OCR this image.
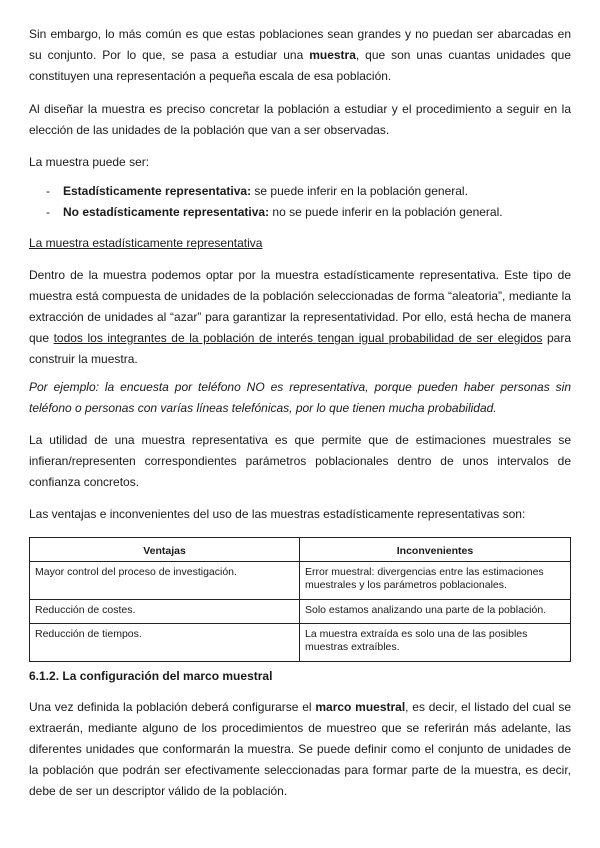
Sin embargo, lo más común es que estas poblaciones sean grandes y no puedan ser abarcadas en su conjunto. Por lo que, se pasa a estudiar una muestra, que son unas cuantas unidades que constituyen una representación a pequeña escala de esa población.

Al diseñar la muestra es preciso concretar la población a estudiar y el procedimiento a seguir en la elección de las unidades de la población que van a ser observadas.

La muestra puede ser:

- Estadísticamente representativa: se puede inferir en la población general.
- No estadísticamente representativa: no se puede inferir en la población general.
La muestra estadísticamente representativa

Dentro de la muestra podemos optar por la muestra estadísticamente representativa. Este tipo de muestra está compuesta de unidades de la población seleccionadas de forma “aleatoria”, mediante la extracción de unidades al “azar” para garantizar la representatividad. Por ello, está hecha de manera que todos los integrantes de la población de interés tengan igual probabilidad de ser elegidos para construir la muestra.

Por ejemplo: la encuesta por teléfono NO es representativa, porque pueden haber personas sin teléfono o personas con varías líneas telefónicas, por lo que tienen mucha probabilidad.

La utilidad de una muestra representativa es que permite que de estimaciones muestrales se infieran/representen correspondientes parámetros poblacionales dentro de unos intervalos de confianza concretos.

Las ventajas e inconvenientes del uso de las muestras estadísticamente representativas son:

Ventajas	Inconvenientes
Mayor control del proceso de investigación.	Error muestral: divergencias entre las estimaciones muestrales y los parámetros poblacionales.
Reducción de costes.	Solo estamos analizando una parte de la población.
Reducción de tiempos.	La muestra extraída es solo una de las posibles muestras extraíbles.
6.1.2. La configuración del marco muestral

Una vez definida la población deberá configurarse el marco muestral, es decir, el listado del cual se extraerán, mediante alguno de los procedimientos de muestreo que se referirán más adelante, las diferentes unidades que conformarán la muestra. Se puede definir como el conjunto de unidades de la población que podrán ser efectivamente seleccionadas para formar parte de la muestra, es decir, debe de ser un descriptor válido de la población.
